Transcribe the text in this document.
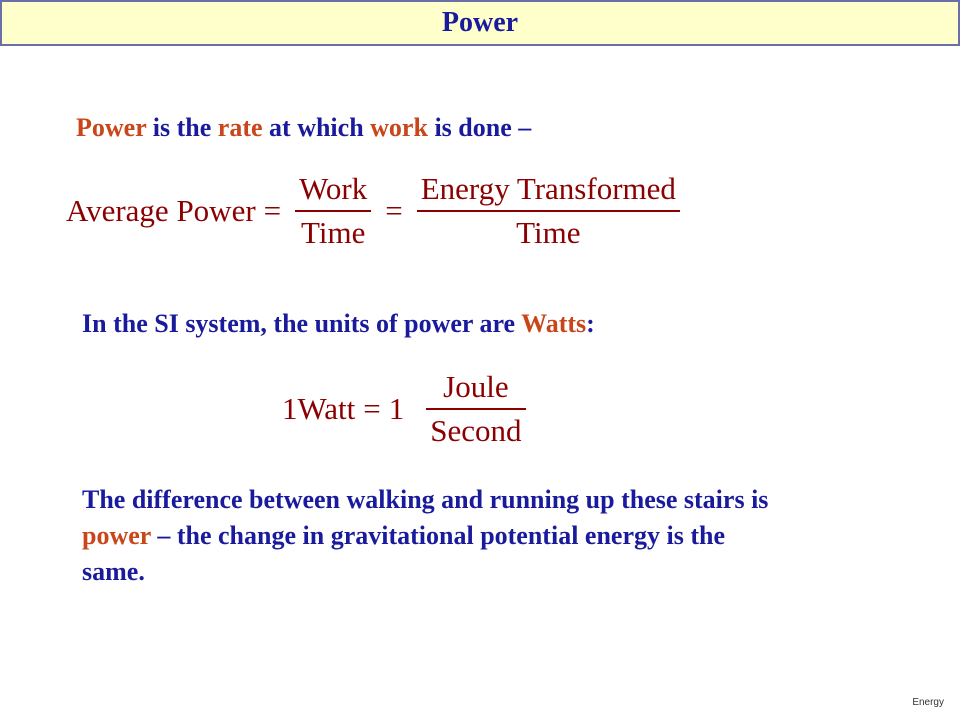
Power
Power is the rate at which work is done –
Average Power = $\frac{\text{Work}}{\text{Time}} = \frac{\text{Energy Transformed}}{\text{Time}}$
In the SI system, the units of power are Watts:
1Watt = $1 \frac{\text{Joule}}{\text{Second}}$
The difference between walking and running up these stairs is power – the change in gravitational potential energy is the same.
Energy
